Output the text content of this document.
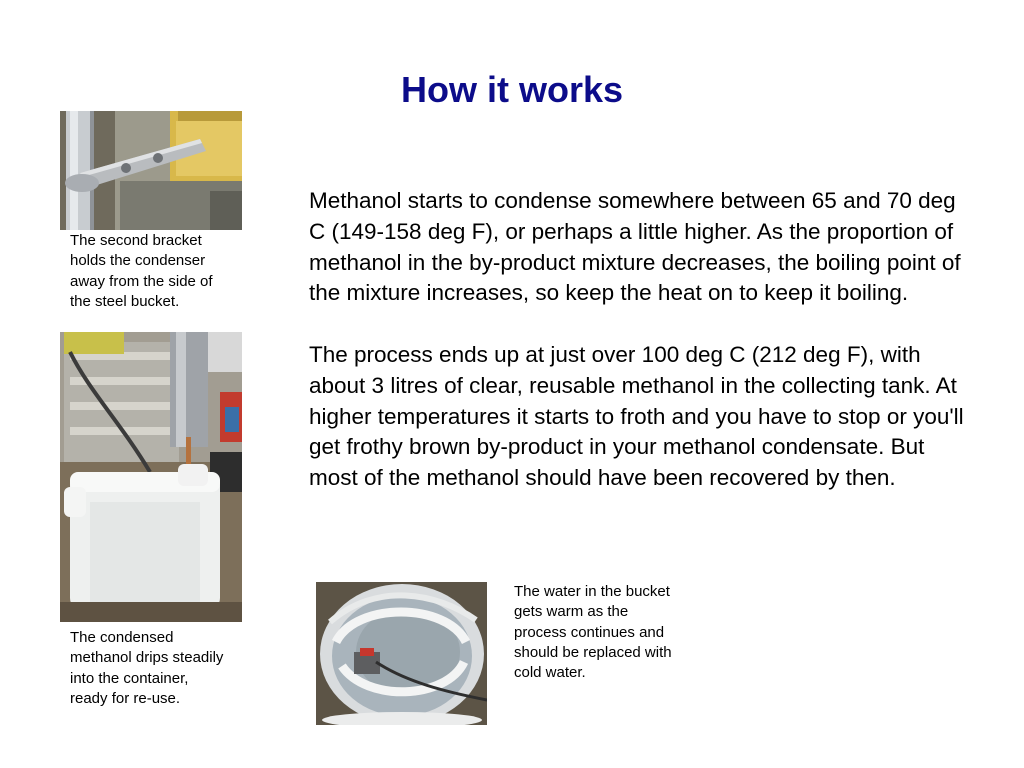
How it works
The second bracket holds the condenser away from the side of the steel bucket.
The condensed methanol drips steadily into the container, ready for re-use.

Methanol starts to condense somewhere between 65 and 70 deg C (149-158 deg F), or perhaps a little higher. As the proportion of methanol in the by-product mixture decreases, the boiling point of the mixture increases, so keep the heat on to keep it boiling.

The process ends up at just over 100 deg C (212 deg F), with about 3 litres of clear, reusable methanol in the collecting tank. At higher temperatures it starts to froth and you have to stop or you'll get frothy brown by-product in your methanol condensate. But most of the methanol should have been recovered by then.

The water in the bucket gets warm as the process continues and should be replaced with cold water.
